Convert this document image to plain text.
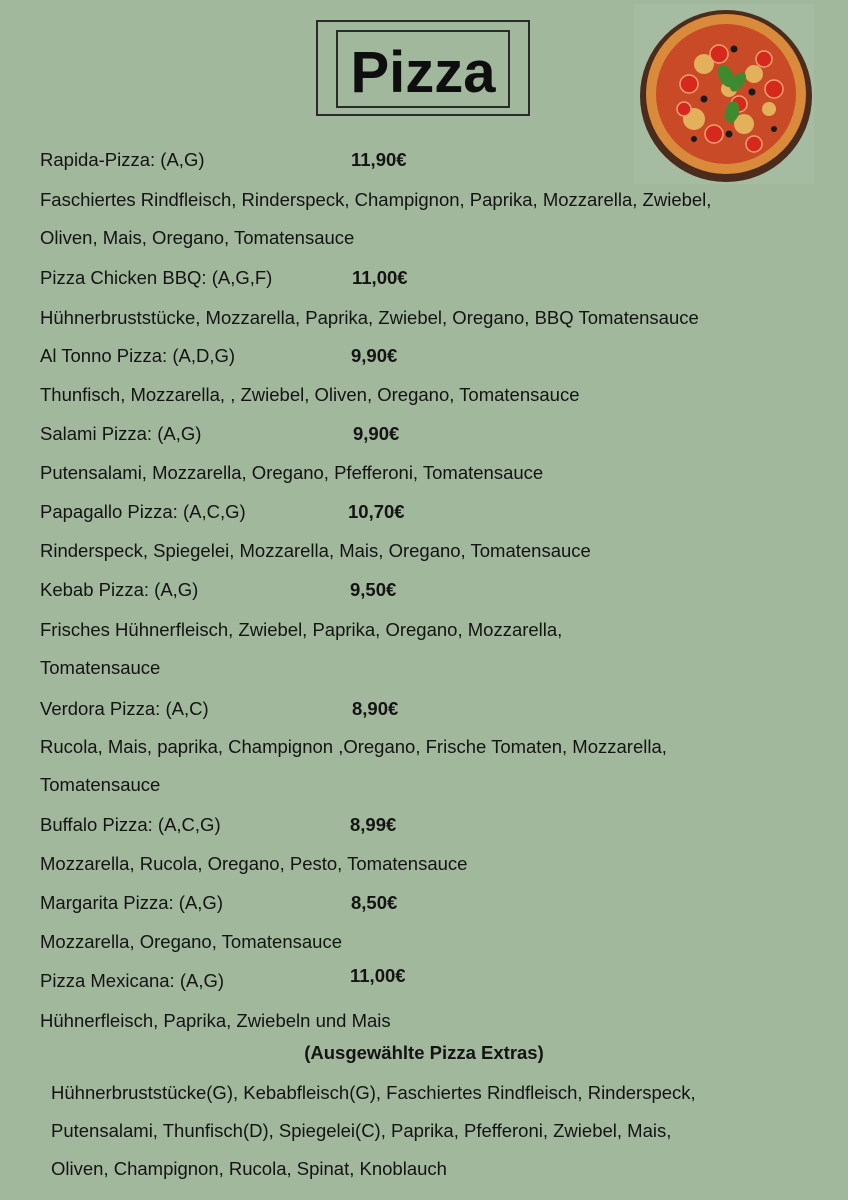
Pizza
Rapida-Pizza: (A,G)	11,90€
Faschiertes Rindfleisch, Rinderspeck, Champignon, Paprika, Mozzarella, Zwiebel,
Oliven, Mais, Oregano, Tomatensauce
Pizza Chicken BBQ: (A,G,F)	11,00€
Hühnerbruststücke, Mozzarella, Paprika, Zwiebel, Oregano, BBQ Tomatensauce
Al Tonno Pizza: (A,D,G)	9,90€
Thunfisch, Mozzarella, , Zwiebel, Oliven, Oregano, Tomatensauce
Salami Pizza: (A,G)	9,90€
Putensalami, Mozzarella, Oregano, Pfefferoni, Tomatensauce
Papagallo Pizza: (A,C,G)	10,70€
Rinderspeck, Spiegelei, Mozzarella, Mais, Oregano, Tomatensauce
Kebab Pizza: (A,G)	9,50€
Frisches Hühnerfleisch, Zwiebel, Paprika, Oregano, Mozzarella,
Tomatensauce
Verdora Pizza: (A,C)	8,90€
Rucola, Mais, paprika, Champignon ,Oregano, Frische Tomaten, Mozzarella,
Tomatensauce
Buffalo Pizza: (A,C,G)	8,99€
Mozzarella, Rucola, Oregano, Pesto, Tomatensauce
Margarita Pizza: (A,G)	8,50€
Mozzarella, Oregano, Tomatensauce
Pizza Mexicana: (A,G)	11,00€
Hühnerfleisch, Paprika, Zwiebeln und Mais
(Ausgewählte Pizza Extras)
Hühnerbruststücke(G), Kebabfleisch(G), Faschiertes Rindfleisch, Rinderspeck,
Putensalami, Thunfisch(D), Spiegelei(C), Paprika, Pfefferoni, Zwiebel, Mais,
Oliven, Champignon, Rucola, Spinat, Knoblauch
